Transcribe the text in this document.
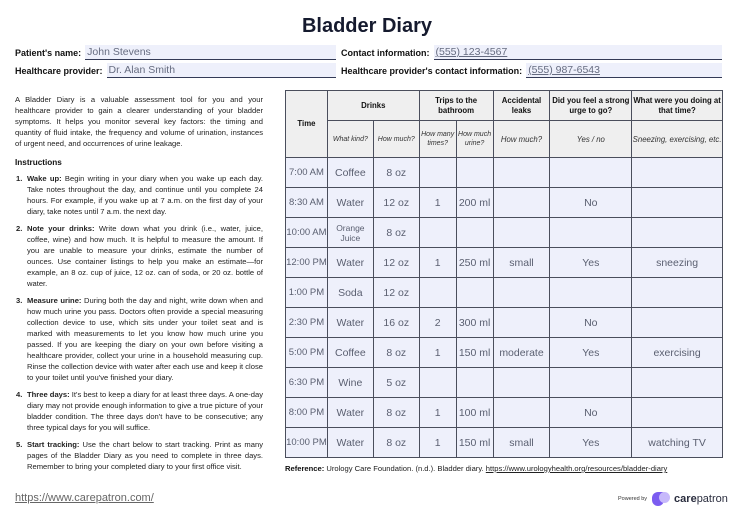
Bladder Diary
Patient's name: John Stevens
Healthcare provider: Dr. Alan Smith
Contact information: (555) 123-4567
Healthcare provider's contact information: (555) 987-6543

A Bladder Diary is a valuable assessment tool for you and your healthcare provider to gain a clearer understanding of your bladder symptoms. It helps you monitor several key factors: the timing and quantity of fluid intake, the frequency and volume of urination, instances of urgent need, and occurrences of urine leakage.

Instructions
1. Wake up: Begin writing in your diary when you wake up each day. Take notes throughout the day, and continue until you complete 24 hours. For example, if you wake up at 7 a.m. on the first day of your diary, take notes until 7 a.m. the next day.
2. Note your drinks: Write down what you drink (i.e., water, juice, coffee, wine) and how much. It is helpful to measure the amount. If you are unable to measure your drinks, estimate the number of ounces. Use container listings to help you make an estimate—for example, an 8 oz. cup of juice, 12 oz. can of soda, or 20 oz. bottle of water.
3. Measure urine: During both the day and night, write down when and how much urine you pass. Doctors often provide a special measuring collection device to use, which sits under your toilet seat and is marked with measurements to let you know how much urine you passed. If you are keeping the diary on your own before visiting a healthcare provider, collect your urine in a household measuring cup. Rinse the collection device with water after each use and keep it close to your toilet until you've finished your diary.
4. Three days: It's best to keep a diary for at least three days. A one-day diary may not provide enough information to give a true picture of your bladder condition. The three days don't have to be consecutive; any three typical days for you will suffice.
5. Start tracking: Use the chart below to start tracking. Print as many pages of the Bladder Diary as you need to complete in three days. Remember to bring your completed diary to your first office visit.
https://www.carepatron.com/
Time	Drinks		Trips to the bathroom		Accidental leaks	Did you feel a strong urge to go?	What were you doing at that time?
	What kind?	How much?	How many times?	How much urine?	How much?	Yes / no	Sneezing, exercising, etc.
7:00 AM	Coffee	8 oz					
8:30 AM	Water	12 oz	1	200 ml		No	
10:00 AM	Orange Juice	8 oz					
12:00 PM	Water	12 oz	1	250 ml	small	Yes	sneezing
1:00 PM	Soda	12 oz					
2:30 PM	Water	16 oz	2	300 ml		No	
5:00 PM	Coffee	8 oz	1	150 ml	moderate	Yes	exercising
6:30 PM	Wine	5 oz					
8:00 PM	Water	8 oz	1	100 ml		No	
10:00 PM	Water	8 oz	1	150 ml	small	Yes	watching TV
Reference: Urology Care Foundation. (n.d.). Bladder diary. https://www.urologyhealth.org/resources/bladder-diary
Powered by carepatron
